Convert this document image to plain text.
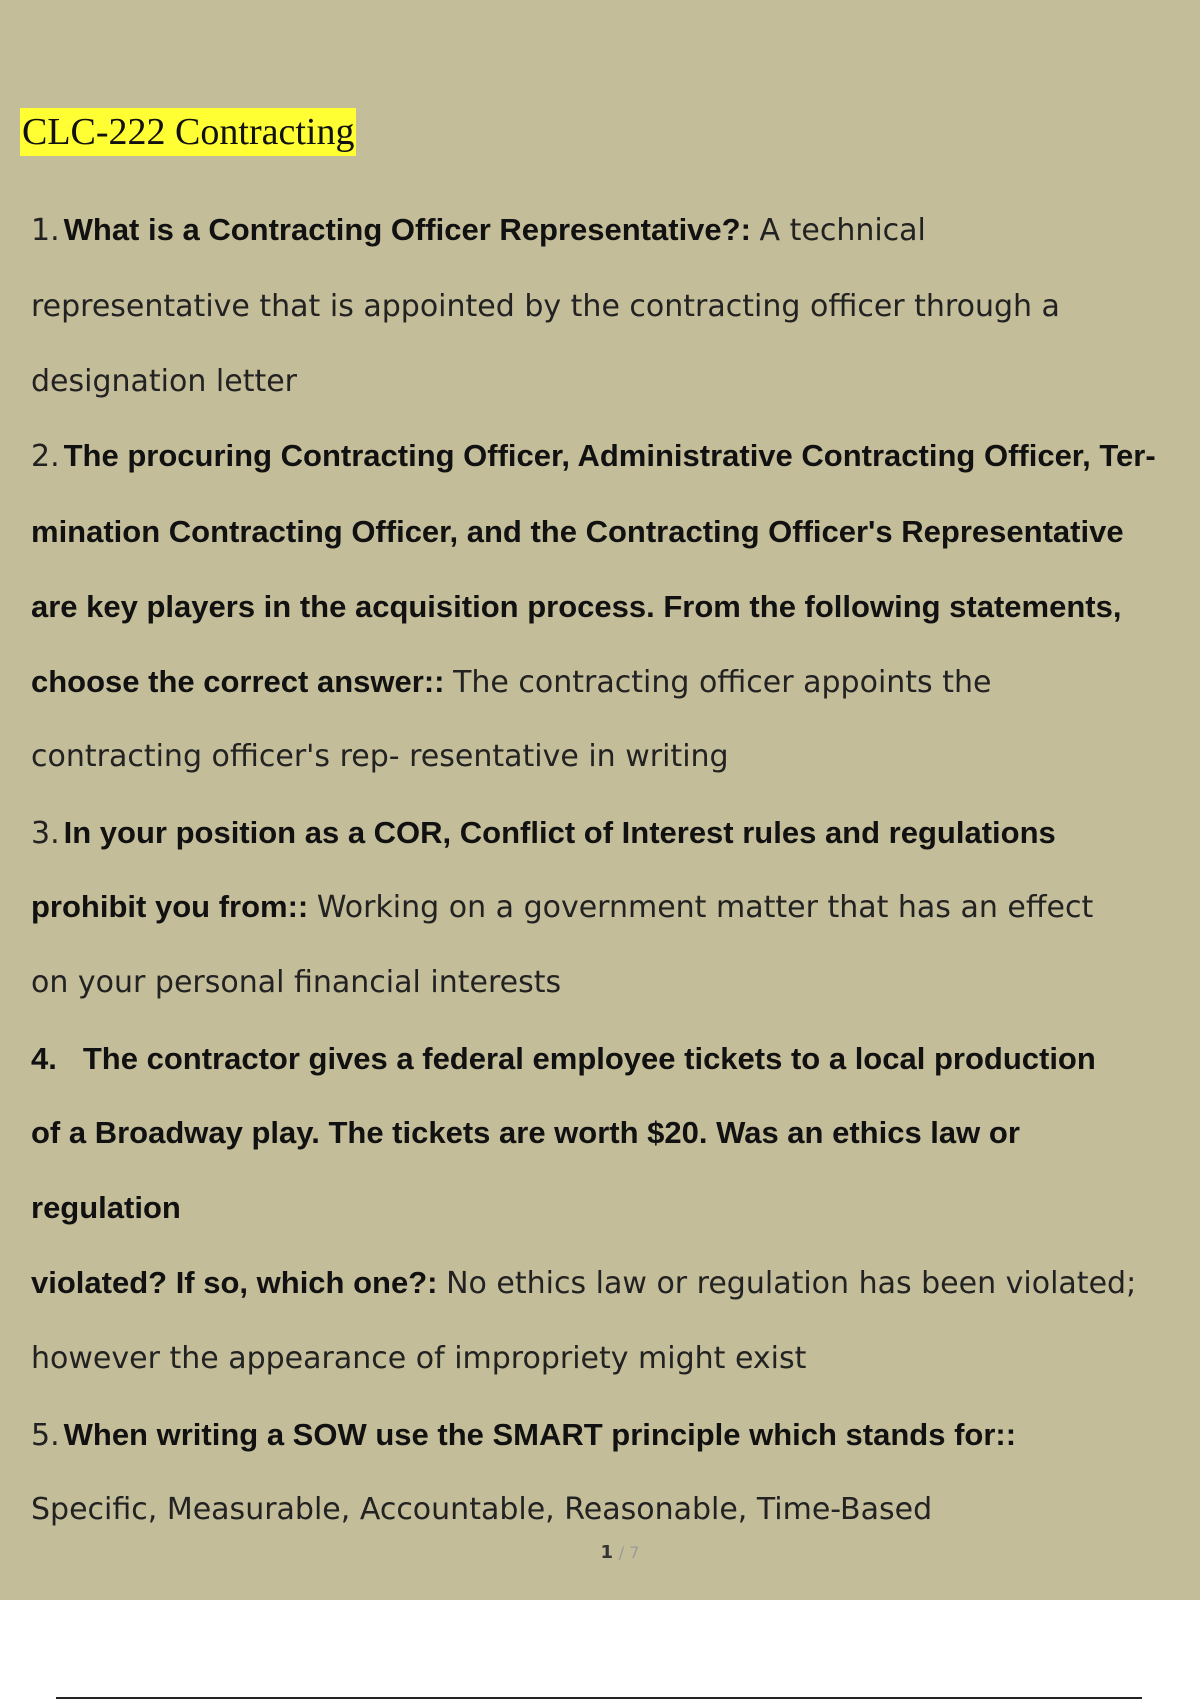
CLC-222 Contracting
1. What is a Contracting Officer Representative?: A technical
representative that is appointed by the contracting officer through a
designation letter
2. The procuring Contracting Officer, Administrative Contracting Officer, Ter-
mination Contracting Officer, and the Contracting Officer's Representative
are key players in the acquisition process. From the following statements,
choose the correct answer:: The contracting officer appoints the
contracting officer's rep- resentative in writing
3. In your position as a COR, Conflict of Interest rules and regulations
prohibit you from:: Working on a government matter that has an effect
on your personal financial interests
4. The contractor gives a federal employee tickets to a local production
of a Broadway play. The tickets are worth $20. Was an ethics law or
regulation
violated? If so, which one?: No ethics law or regulation has been violated;
however the appearance of impropriety might exist
5. When writing a SOW use the SMART principle which stands for::
Specific, Measurable, Accountable, Reasonable, Time-Based
1 / 7
